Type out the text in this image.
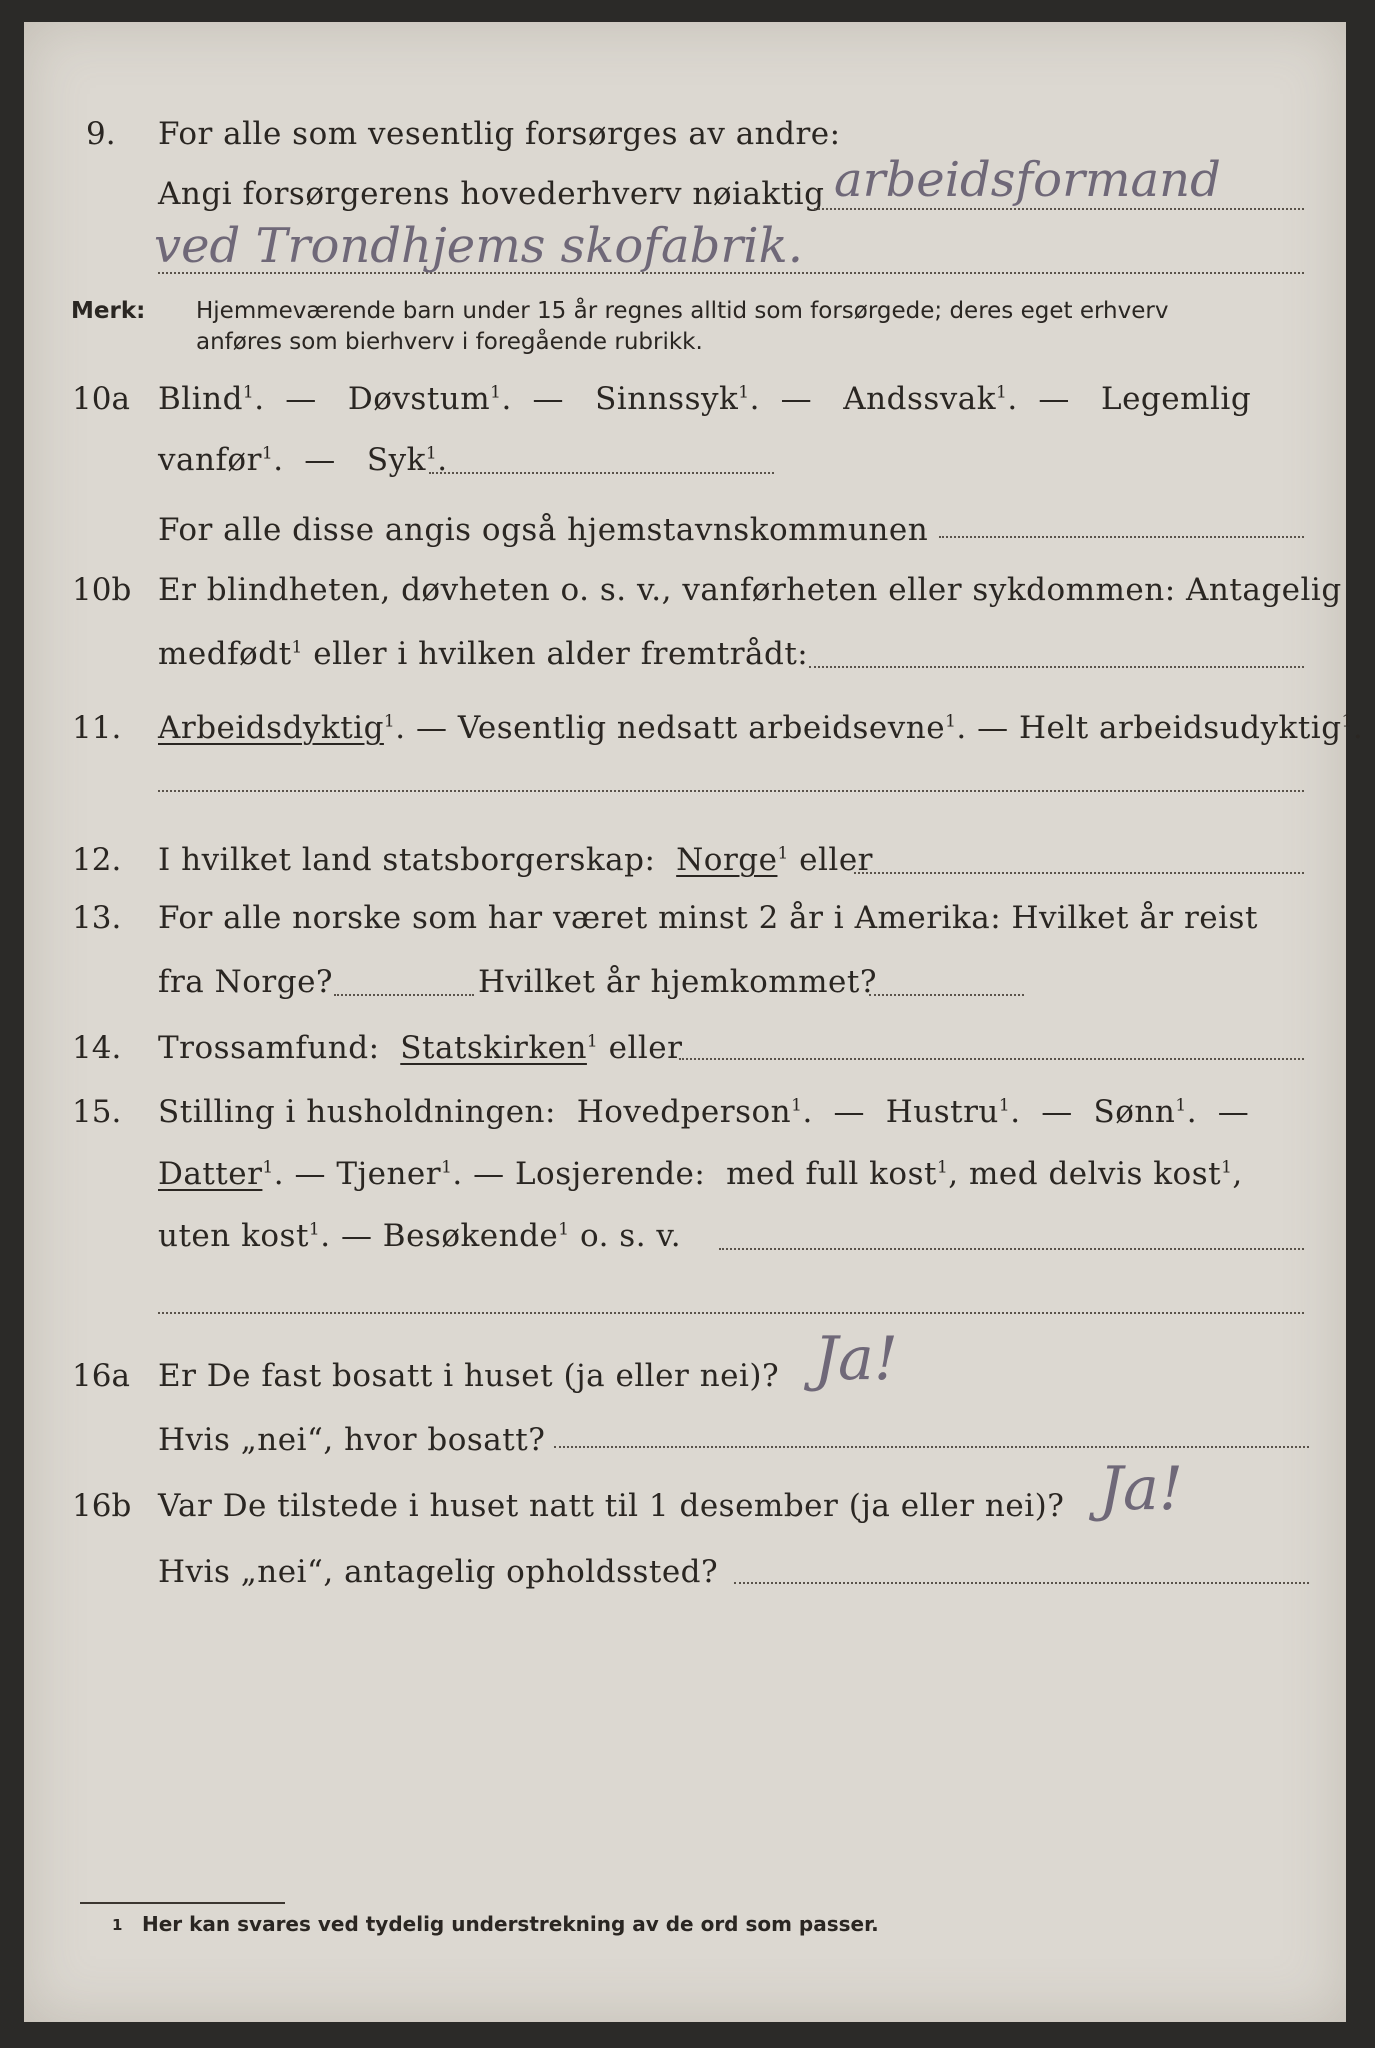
9. For alle som vesentlig forsørges av andre:
Angi forsørgerens hovederhverv nøiaktig arbeidsformand
ved Trondhjems skofabrik.
Merk: Hjemmeværende barn under 15 år regnes alltid som forsørgede; deres eget erhverv
anføres som bierhverv i foregående rubrikk.
10a Blind$^1$.  —   Døvstum$^1$.  —   Sinnssyk$^1$.  —   Andssvak$^1$.  —   Legemlig
vanfør$^1$.  —   Syk$^1$.
For alle disse angis også hjemstavnskommunen
10b Er blindheten, døvheten o. s. v., vanførheten eller sykdommen: Antagelig
medfødt$^1$ eller i hvilken alder fremtrådt:
11. Arbeidsdyktig$^1$. — Vesentlig nedsatt arbeidsevne$^1$. — Helt arbeidsudyktig$^1$.
12. I hvilket land statsborgerskap: Norge$^1$ eller
13. For alle norske som har været minst 2 år i Amerika: Hvilket år reist
fra Norge?	Hvilket år hjemkommet?
14. Trossamfund: Statskirken$^1$ eller
15. Stilling i husholdningen: Hovedperson$^1$.  —  Hustru$^1$.  —  Sønn$^1$.  —
Datter$^1$. — Tjener$^1$. — Losjerende: med full kost$^1$, med delvis kost$^1$,
uten kost$^1$. — Besøkende$^1$ o. s. v.
16a Er De fast bosatt i huset (ja eller nei)? Ja!
Hvis „nei“, hvor bosatt?
16b Var De tilstede i huset natt til 1 desember (ja eller nei)? Ja!
Hvis „nei“, antagelig opholdssted?
1 Her kan svares ved tydelig understrekning av de ord som passer.
